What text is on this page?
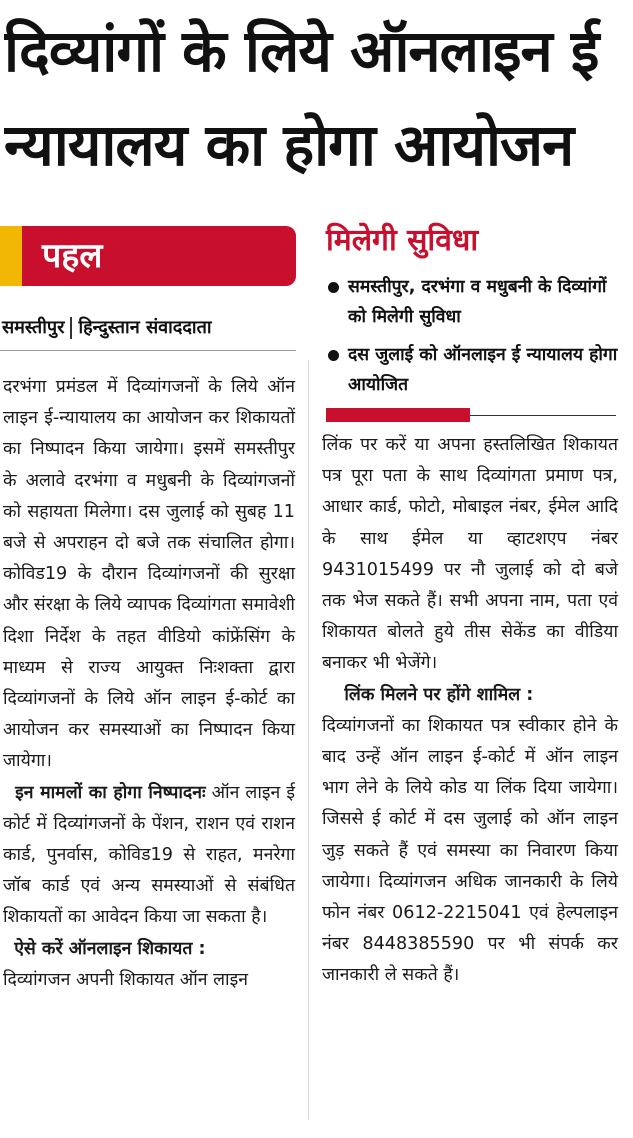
दिव्यांगों के लिये ऑनलाइन ई
न्यायालय का होगा आयोजन
पहल
समस्तीपुर हिन्दुस्तान संवाददाता
मिलेगी सुविधा
समस्तीपुर, दरभंगा व मधुबनी के दिव्यांगों को मिलेगी सुविधा
दस जुलाई को ऑनलाइन ई न्यायालय होगा आयोजित

दरभंगा प्रमंडल में दिव्यांगजनों के लिये ऑन लाइन ई-न्यायालय का आयोजन कर शिकायतों का निष्पादन किया जायेगा। इसमें समस्तीपुर के अलावे दरभंगा व मधुबनी के दिव्यांगजनों को सहायता मिलेगा। दस जुलाई को सुबह 11 बजे से अपराहन दो बजे तक संचालित होगा। कोविड19 के दौरान दिव्यांगजनों की सुरक्षा और संरक्षा के लिये व्यापक दिव्यांगता समावेशी दिशा निर्देश के तहत वीडियो कांफ्रेंसिंग के माध्यम से राज्य आयुक्त निःशक्ता द्वारा दिव्यांगजनों के लिये ऑन लाइन ई-कोर्ट का आयोजन कर समस्याओं का निष्पादन किया जायेगा।

इन मामलों का होगा निष्पादनः ऑन लाइन ई कोर्ट में दिव्यांगजनों के पेंशन, राशन एवं राशन कार्ड, पुनर्वास, कोविड19 से राहत, मनरेगा जॉब कार्ड एवं अन्य समस्याओं से संबंधित शिकायतों का आवेदन किया जा सकता है।

ऐसे करें ऑनलाइन शिकायत :

दिव्यांगजन अपनी शिकायत ऑन लाइन

लिंक पर करें या अपना हस्तलिखित शिकायत पत्र पूरा पता के साथ दिव्यांगता प्रमाण पत्र, आधार कार्ड, फोटो, मोबाइल नंबर, ईमेल आदि के साथ ईमेल या व्हाटशएप नंबर 9431015499 पर नौ जुलाई को दो बजे तक भेज सकते हैं। सभी अपना नाम, पता एवं शिकायत बोलते हुये तीस सेकेंड का वीडिया बनाकर भी भेजेंगे।

लिंक मिलने पर होंगे शामिल :

दिव्यांगजनों का शिकायत पत्र स्वीकार होने के बाद उन्हें ऑन लाइन ई-कोर्ट में ऑन लाइन भाग लेने के लिये कोड या लिंक दिया जायेगा। जिससे ई कोर्ट में दस जुलाई को ऑन लाइन जुड़ सकते हैं एवं समस्या का निवारण किया जायेगा। दिव्यांगजन अधिक जानकारी के लिये फोन नंबर 0612-2215041 एवं हेल्पलाइन नंबर 8448385590 पर भी संपर्क कर जानकारी ले सकते हैं।
